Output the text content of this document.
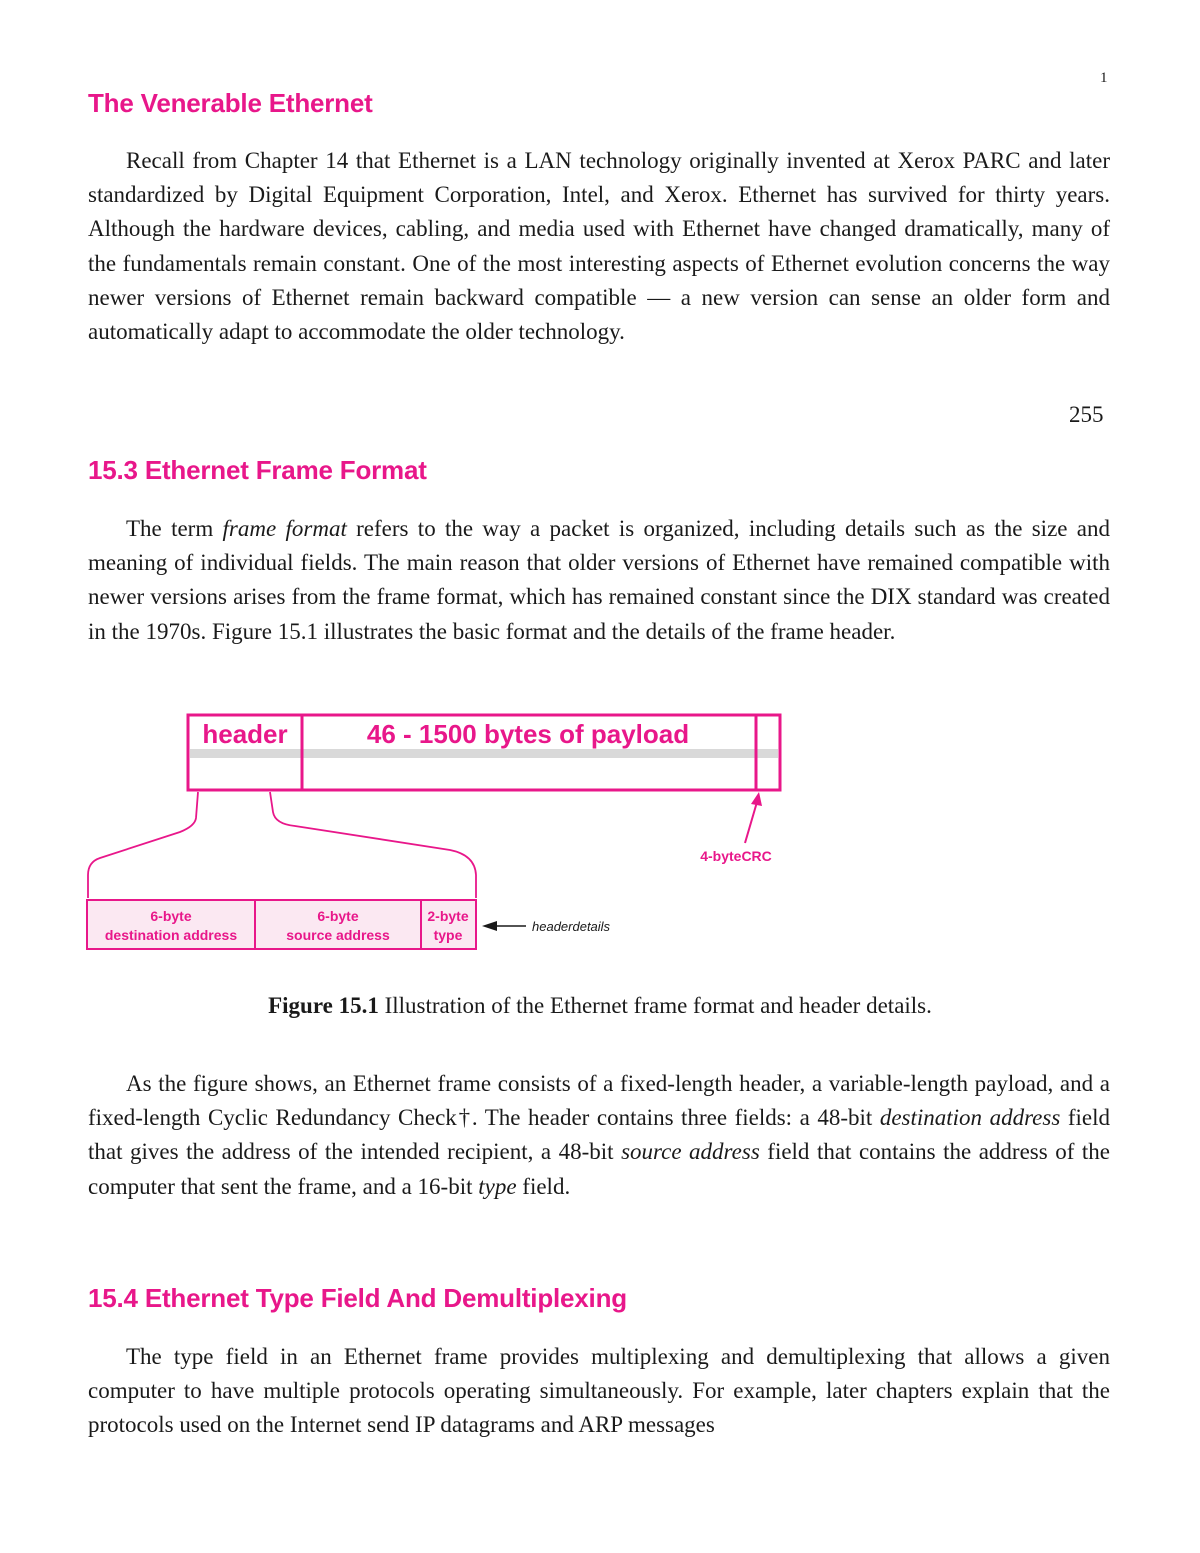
1
The Venerable Ethernet

Recall from Chapter 14 that Ethernet is a LAN technology originally invented at Xerox PARC and later standardized by Digital Equipment Corporation, Intel, and Xerox. Ethernet has survived for thirty years. Although the hardware devices, cabling, and media used with Ethernet have changed dramatically, many of the fundamentals remain constant. One of the most interesting aspects of Ethernet evolution concerns the way newer versions of Ethernet remain backward compatible — a new version can sense an older form and automatically adapt to accommodate the older technology.

255
15.3 Ethernet Frame Format

The term frame format refers to the way a packet is organized, including details such as the size and meaning of individual fields. The main reason that older versions of Ethernet have remained compatible with newer versions arises from the frame format, which has remained constant since the DIX standard was created in the 1970s. Figure 15.1 illustrates the basic format and the details of the frame header.

header	46 - 1500 bytes of payload
4-byteCRC
6-byte
destination address
6-byte
source address
2-byte
type
headerdetails

Figure 15.1 Illustration of the Ethernet frame format and header details.

As the figure shows, an Ethernet frame consists of a fixed-length header, a variable-length payload, and a fixed-length Cyclic Redundancy Check†. The header contains three fields: a 48-bit destination address field that gives the address of the intended recipient, a 48-bit source address field that contains the address of the computer that sent the frame, and a 16-bit type field.

15.4 Ethernet Type Field And Demultiplexing

The type field in an Ethernet frame provides multiplexing and demultiplexing that allows a given computer to have multiple protocols operating simultaneously. For example, later chapters explain that the protocols used on the Internet send IP datagrams and ARP messages
